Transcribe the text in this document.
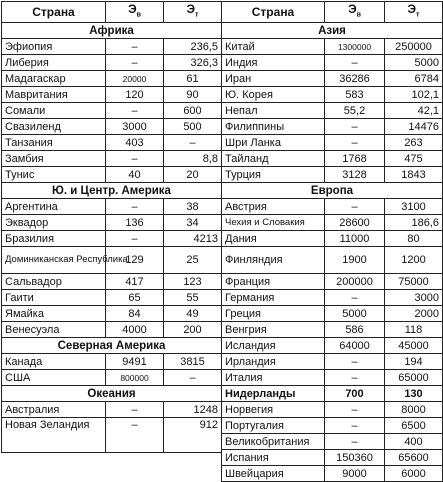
Страна	$Э_в$	$Э_т$
Африка		
Эфиопия	–	236,5
Либерия	–	326,3
Мадагаскар	20000	61
Мавритания	120	90
Сомали	–	600
Свазиленд	3000	500
Танзания	403	–
Замбия	–	8,8
Тунис	40	20
Ю. и Центр. Америка		
Аргентина	–	38
Эквадор	136	34
Бразилия	–	4213
Доминиканская Республика	129	25
Сальвадор	417	123
Гаити	65	55
Ямайка	84	49
Венесуэла	4000	200
Северная Америка		
Канада	9491	3815
США	800000	–
Океания		
Австралия	–	1248
Новая Зеландия	–	912
Страна	$Э_в$	$Э_т$
Азия		
Китай	1300000	250000
Индия	–	5000
Иран	36286	6784
Ю. Корея	583	102,1
Непал	55,2	42,1
Филиппины	–	14476
Шри Ланка	–	263
Тайланд	1768	475
Турция	3128	1843
Европа		
Австрия	–	3100
Чехия и Словакия	28600	186,6
Дания	11000	80
Финляндия	1900	1200
Франция	200000	75000
Германия	–	3000
Греция	5000	2000
Венгрия	586	118
Исландия	64000	45000
Ирландия	–	194
Италия	–	65000
Нидерланды	700	130
Норвегия	–	8000
Португалия	–	6500
Великобритания	–	400
Испания	150360	65600
Швейцария	9000	6000
